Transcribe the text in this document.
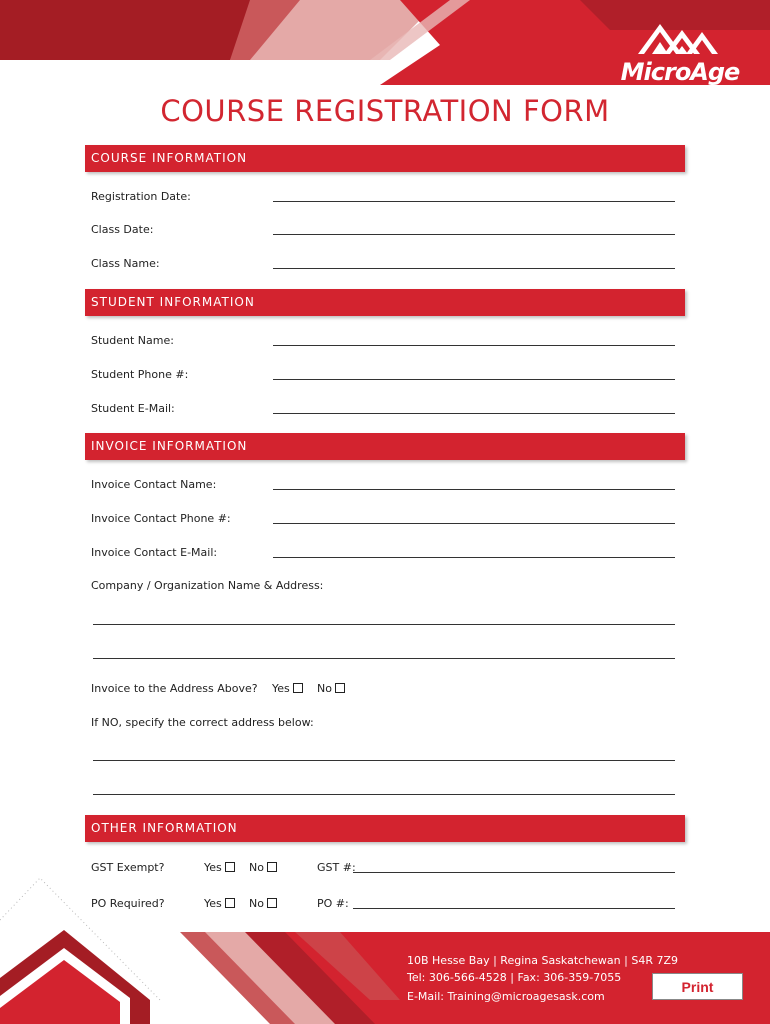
MicroAge
COURSE REGISTRATION FORM
COURSE INFORMATION
Registration Date:
Class Date:
Class Name:
STUDENT INFORMATION
Student Name:
Student Phone #:
Student E-Mail:
INVOICE INFORMATION
Invoice Contact Name:
Invoice Contact Phone #:
Invoice Contact E-Mail:
Company / Organization Name & Address:
Invoice to the Address Above? Yes	No
If NO, specify the correct address below:
OTHER INFORMATION
GST Exempt?	Yes	No	GST #:
PO Required?	Yes	No	PO #:
10B Hesse Bay | Regina Saskatchewan | S4R 7Z9
Tel: 306-566-4528 | Fax: 306-359-7055
E-Mail: Training@microagesask.com
Print
